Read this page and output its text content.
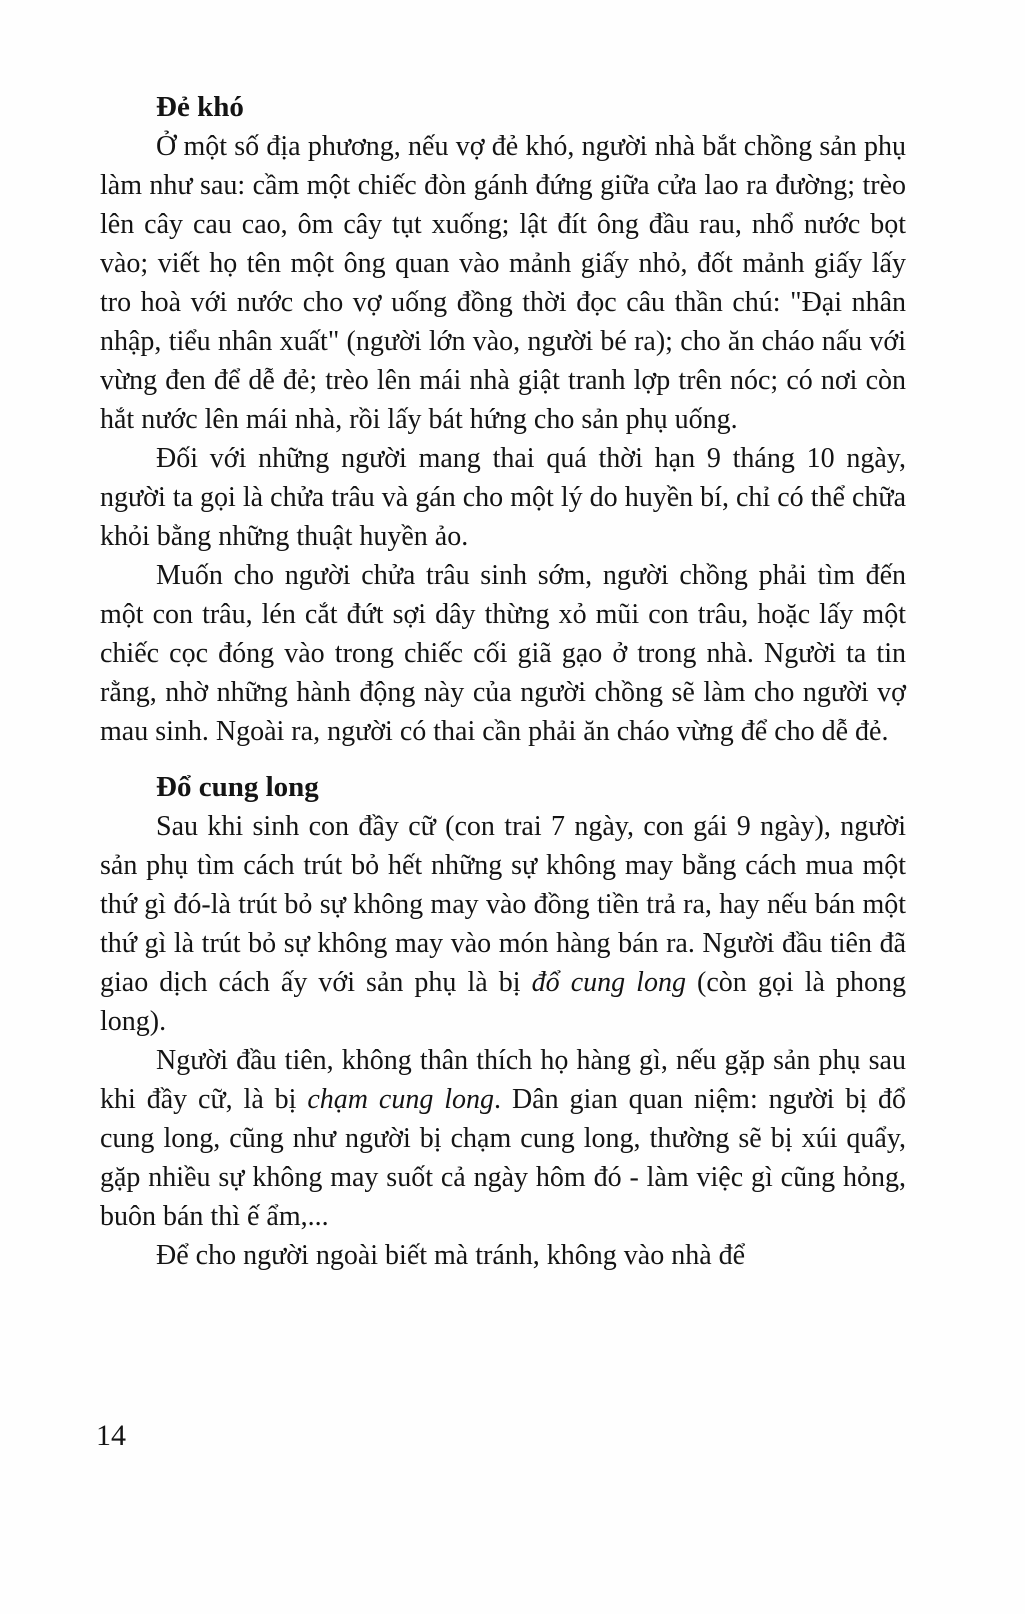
Đẻ khó

Ở một số địa phương, nếu vợ đẻ khó, người nhà bắt chồng sản phụ làm như sau: cầm một chiếc đòn gánh đứng giữa cửa lao ra đường; trèo lên cây cau cao, ôm cây tụt xuống; lật đít ông đầu rau, nhổ nước bọt vào; viết họ tên một ông quan vào mảnh giấy nhỏ, đốt mảnh giấy lấy tro hoà với nước cho vợ uống đồng thời đọc câu thần chú: "Đại nhân nhập, tiểu nhân xuất" (người lớn vào, người bé ra); cho ăn cháo nấu với vừng đen để dễ đẻ; trèo lên mái nhà giật tranh lợp trên nóc; có nơi còn hắt nước lên mái nhà, rồi lấy bát hứng cho sản phụ uống.

Đối với những người mang thai quá thời hạn 9 tháng 10 ngày, người ta gọi là chửa trâu và gán cho một lý do huyền bí, chỉ có thể chữa khỏi bằng những thuật huyền ảo.

Muốn cho người chửa trâu sinh sớm, người chồng phải tìm đến một con trâu, lén cắt đứt sợi dây thừng xỏ mũi con trâu, hoặc lấy một chiếc cọc đóng vào trong chiếc cối giã gạo ở trong nhà. Người ta tin rằng, nhờ những hành động này của người chồng sẽ làm cho người vợ mau sinh. Ngoài ra, người có thai cần phải ăn cháo vừng để cho dễ đẻ.

Đổ cung long

Sau khi sinh con đầy cữ (con trai 7 ngày, con gái 9 ngày), người sản phụ tìm cách trút bỏ hết những sự không may bằng cách mua một thứ gì đó-là trút bỏ sự không may vào đồng tiền trả ra, hay nếu bán một thứ gì là trút bỏ sự không may vào món hàng bán ra. Người đầu tiên đã giao dịch cách ấy với sản phụ là bị đổ cung long (còn gọi là phong long).

Người đầu tiên, không thân thích họ hàng gì, nếu gặp sản phụ sau khi đầy cữ, là bị chạm cung long. Dân gian quan niệm: người bị đổ cung long, cũng như người bị chạm cung long, thường sẽ bị xúi quẩy, gặp nhiều sự không may suốt cả ngày hôm đó - làm việc gì cũng hỏng, buôn bán thì ế ẩm,...

Để cho người ngoài biết mà tránh, không vào nhà để

14
